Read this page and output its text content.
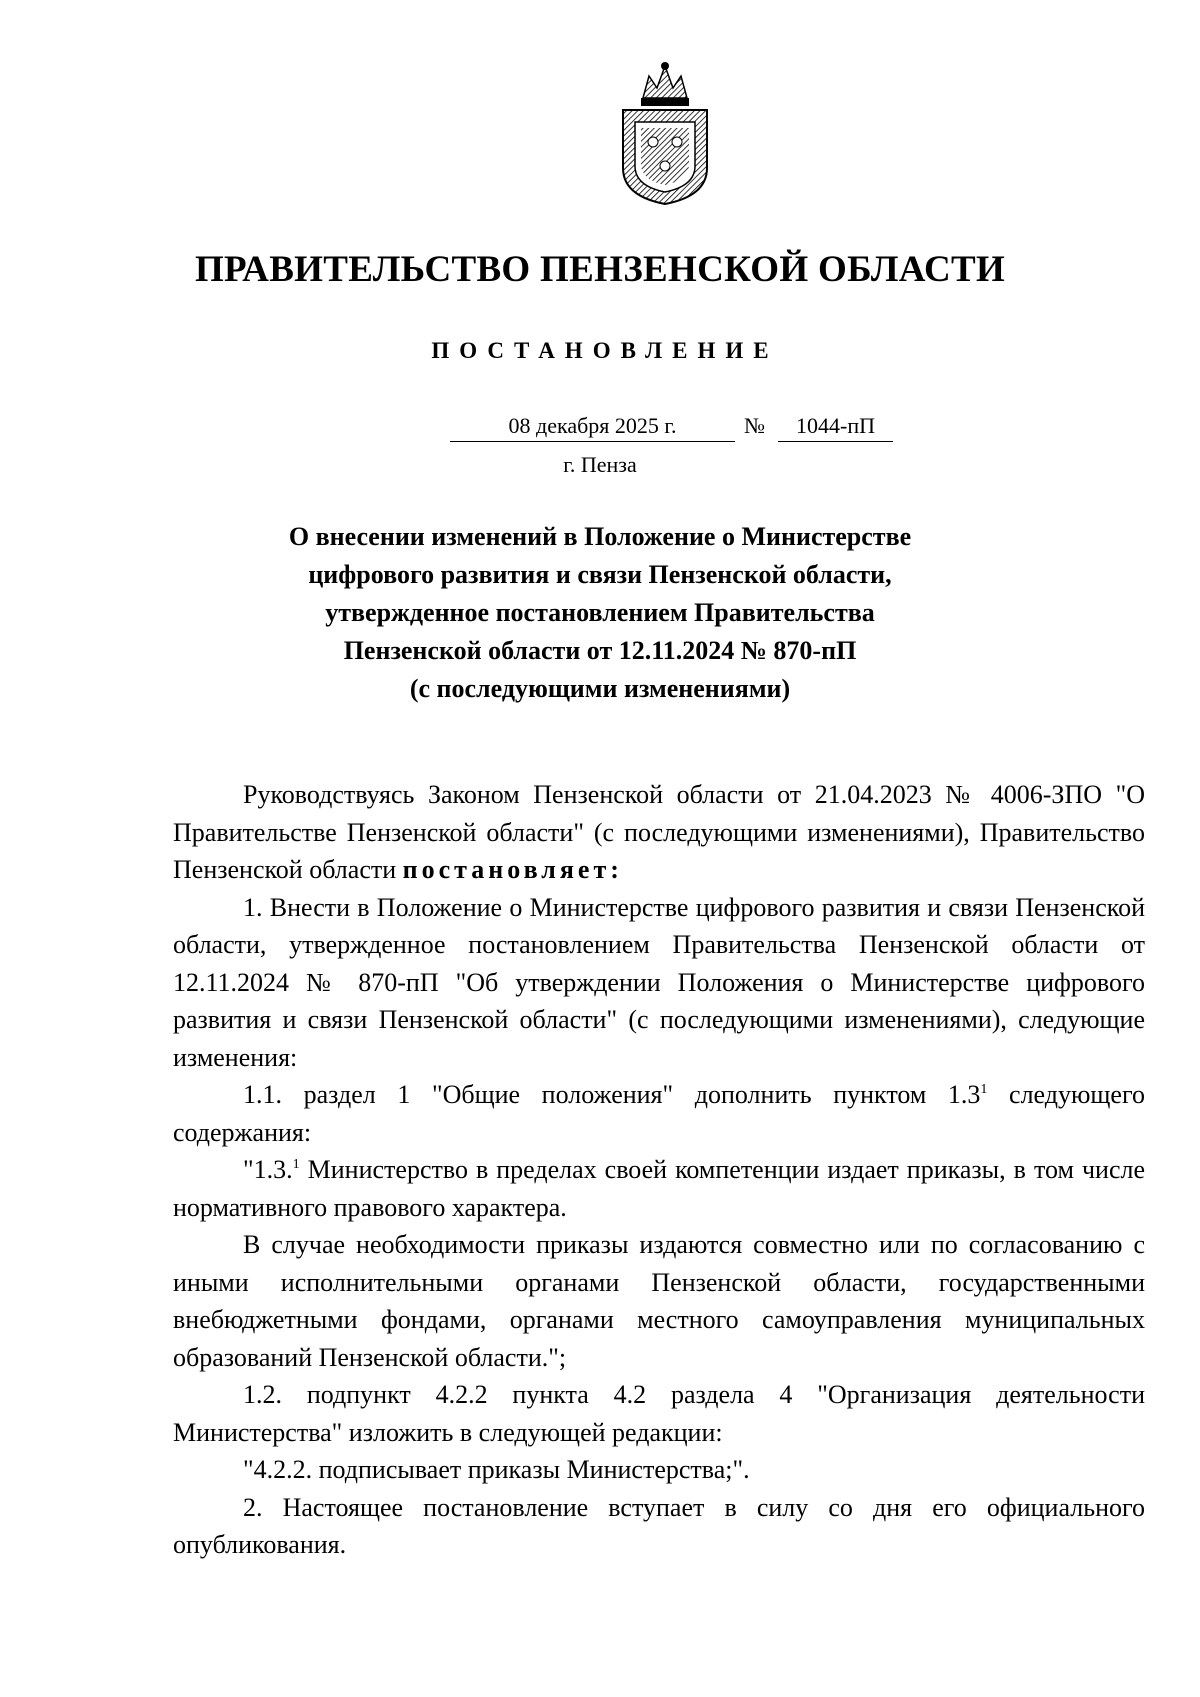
ПРАВИТЕЛЬСТВО ПЕНЗЕНСКОЙ ОБЛАСТИ
ПОСТАНОВЛЕНИЕ
08 декабря 2025 г.	№	1044-пП
г. Пенза
О внесении изменений в Положение о Министерстве
цифрового развития и связи Пензенской области,
утвержденное постановлением Правительства
Пензенской области от 12.11.2024 № 870-пП
(с последующими изменениями)

Руководствуясь Законом Пензенской области от 21.04.2023 № 4006-ЗПО "О Правительстве Пензенской области" (с последующими изменениями), Правительство Пензенской области постановляет:

1. Внести в Положение о Министерстве цифрового развития и связи Пензенской области, утвержденное постановлением Правительства Пензенской области от 12.11.2024 № 870-пП "Об утверждении Положения о Министерстве цифрового развития и связи Пензенской области" (с последующими изменениями), следующие изменения:

1.1. раздел 1 "Общие положения" дополнить пунктом $1.3^1$ следующего содержания:

"1.3.$^1$ Министерство в пределах своей компетенции издает приказы, в том числе нормативного правового характера.

В случае необходимости приказы издаются совместно или по согласованию с иными исполнительными органами Пензенской области, государственными внебюджетными фондами, органами местного самоуправления муниципальных образований Пензенской области.";

1.2. подпункт 4.2.2 пункта 4.2 раздела 4 "Организация деятельности Министерства" изложить в следующей редакции:

"4.2.2. подписывает приказы Министерства;".

2. Настоящее постановление вступает в силу со дня его официального опубликования.
